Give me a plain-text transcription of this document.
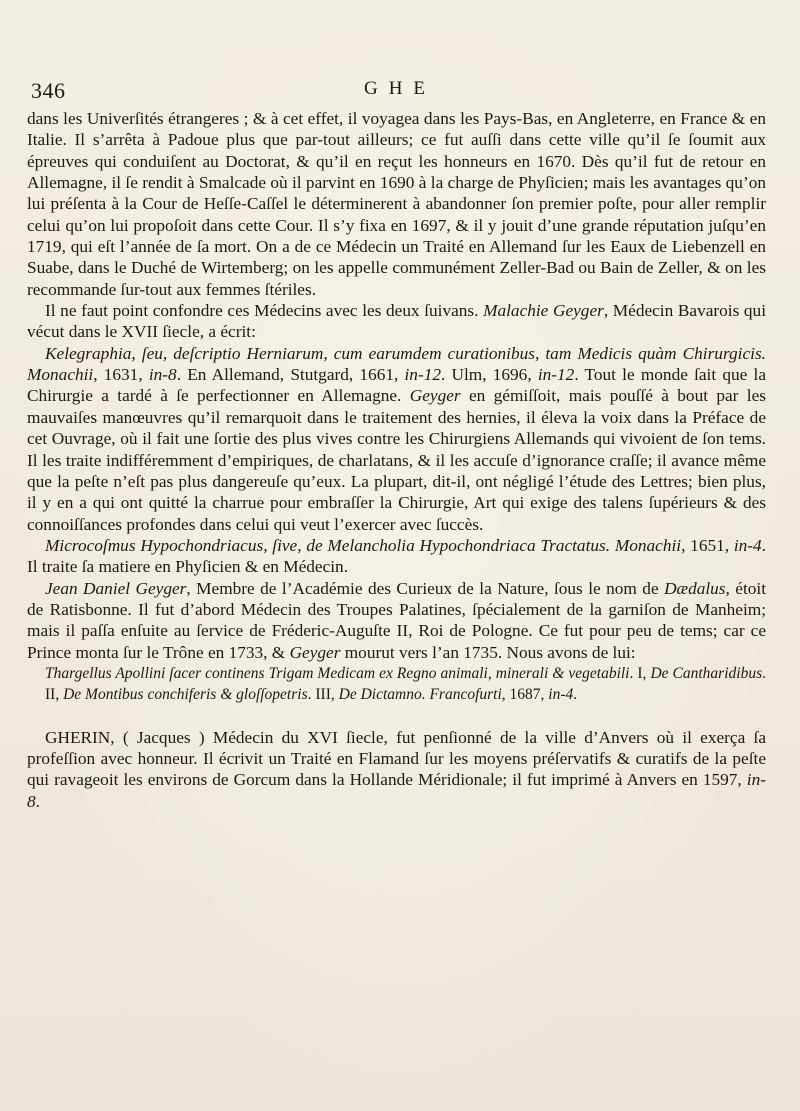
346	GHE

dans les Univerſités étrangeres ; & à cet effet, il voyagea dans les Pays-Bas, en Angleterre, en France & en Italie. Il s’arrêta à Padoue plus que par-tout ailleurs; ce fut auſſi dans cette ville qu’il ſe ſoumit aux épreuves qui conduiſent au Doctorat, & qu’il en reçut les honneurs en 1670. Dès qu’il fut de retour en Allemagne, il ſe rendit à Smalcade où il parvint en 1690 à la charge de Phyſicien; mais les avantages qu’on lui préſenta à la Cour de Heſſe-Caſſel le déterminerent à abandonner ſon premier poſte, pour aller remplir celui qu’on lui propoſoit dans cette Cour. Il s’y fixa en 1697, & il y jouit d’une grande réputation juſqu’en 1719, qui eſt l’année de ſa mort. On a de ce Médecin un Traité en Allemand ſur les Eaux de Liebenzell en Suabe, dans le Duché de Wirtemberg; on les appelle communément Zeller-Bad ou Bain de Zeller, & on les recommande ſur-tout aux femmes ſtériles.

Il ne faut point confondre ces Médecins avec les deux ſuivans. Malachie Geyger, Médecin Bavarois qui vécut dans le XVII ſiecle, a écrit:

Kelegraphia, ſeu, deſcriptio Herniarum, cum earumdem curationibus, tam Medicis quàm Chirurgicis. Monachii, 1631, in-8. En Allemand, Stutgard, 1661, in-12. Ulm, 1696, in-12. Tout le monde ſait que la Chirurgie a tardé à ſe perfectionner en Allemagne. Geyger en gémiſſoit, mais pouſſé à bout par les mauvaiſes manœuvres qu’il remarquoit dans le traitement des hernies, il éleva la voix dans la Préface de cet Ouvrage, où il fait une ſortie des plus vives contre les Chirurgiens Allemands qui vivoient de ſon tems. Il les traite indifféremment d’empiriques, de charlatans, & il les accuſe d’ignorance craſſe; il avance même que la peſte n’eſt pas plus dangereuſe qu’eux. La plupart, dit-il, ont négligé l’étude des Lettres; bien plus, il y en a qui ont quitté la charrue pour embraſſer la Chirurgie, Art qui exige des talens ſupérieurs & des connoiſſances profondes dans celui qui veut l’exercer avec ſuccès.

Microcoſmus Hypochondriacus, ſive, de Melancholia Hypochondriaca Tractatus. Monachii, 1651, in-4. Il traite ſa matiere en Phyſicien & en Médecin.

Jean Daniel Geyger, Membre de l’Académie des Curieux de la Nature, ſous le nom de Dædalus, étoit de Ratisbonne. Il fut d’abord Médecin des Troupes Palatines, ſpécialement de la garniſon de Manheim; mais il paſſa enſuite au ſervice de Fréderic-Auguſte II, Roi de Pologne. Ce fut pour peu de tems; car ce Prince monta ſur le Trône en 1733, & Geyger mourut vers l’an 1735. Nous avons de lui:

Thargellus Apollini ſacer continens Trigam Medicam ex Regno animali, minerali & vegetabili. I, De Cantharidibus. II, De Montibus conchiferis & gloſſopetris. III, De Dictamno. Francofurti, 1687, in-4.

GHERIN, ( Jacques ) Médecin du XVI ſiecle, fut penſionné de la ville d’Anvers où il exerça ſa profeſſion avec honneur. Il écrivit un Traité en Flamand ſur les moyens préſervatifs & curatifs de la peſte qui ravageoit les environs de Gorcum dans la Hollande Méridionale; il fut imprimé à Anvers en 1597, in-8.
